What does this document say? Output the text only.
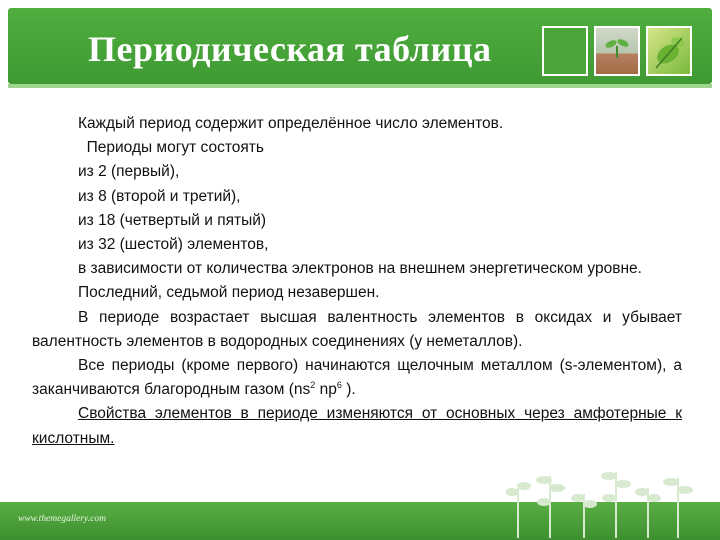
Периодическая таблица

Каждый период содержит определённое число элементов.

Периоды могут состоять

из 2 (первый),

из 8 (второй и третий),

из 18 (четвертый и пятый)

из 32 (шестой) элементов,

в зависимости от количества электронов на внешнем энергетическом уровне.

Последний, седьмой период незавершен.

В периоде возрастает высшая валентность элементов в оксидах и убывает валентность элементов в водородных соединениях (у неметаллов).

Все периоды (кроме первого) начинаются щелочным металлом (s-элементом), а заканчиваются благородным газом ($ns^2$ $np^6$ ).

Свойства элементов в периоде изменяются от основных через амфотерные к кислотным.

www.themegallery.com
